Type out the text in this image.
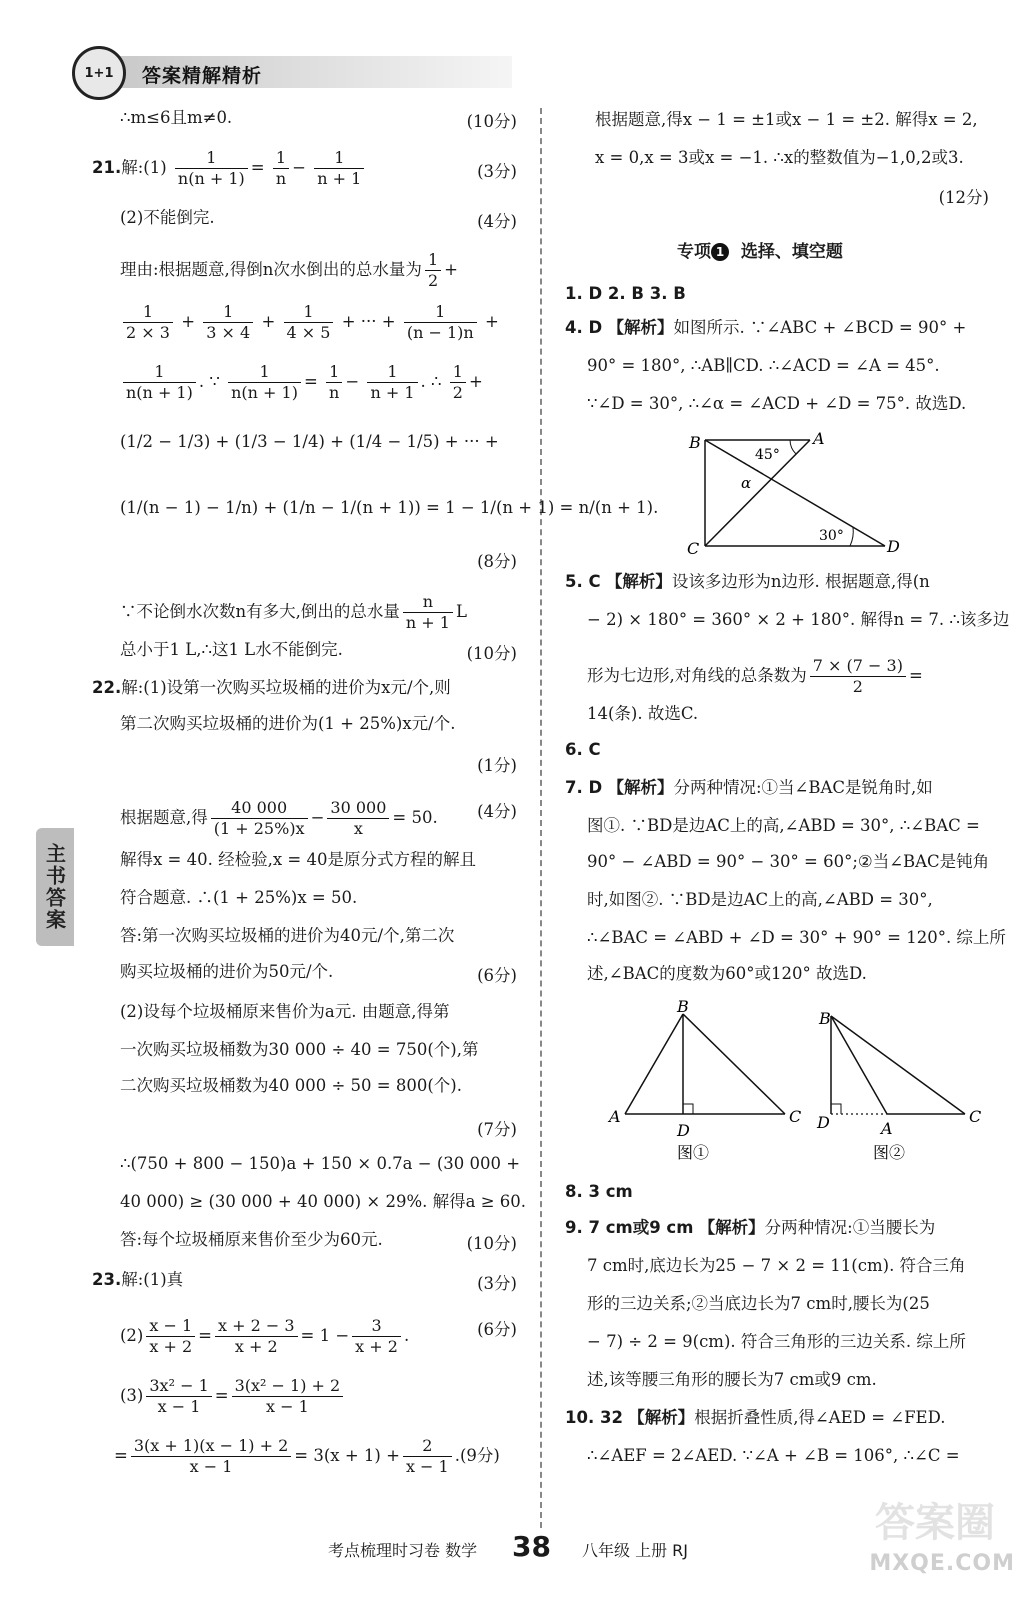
1+1 答案精解精析
主书答案
∴m≤6且m≠0.	(10分)
21.解:(1) $\frac{1}{n(n + 1)} = \frac{1}{n} - \frac{1}{n + 1}$	(3分)
(2)不能倒完.	(4分)
理由:根据题意,得倒n次水倒出的总水量为 $\frac{1}{2}$ +
$\frac{1}{2 \times 3} + \frac{1}{3 \times 4} + \frac{1}{4 \times 5}$ + ··· + $\frac{1}{(n - 1)n}$ +
$\frac{1}{n(n + 1)}$ . ∵ $\frac{1}{n(n + 1)} = \frac{1}{n} - \frac{1}{n + 1}$ . ∴ $\frac{1}{2}$ +
(1/2 − 1/3) + (1/3 − 1/4) + (1/4 − 1/5) + ··· +
(1/(n − 1) − 1/n) + (1/n − 1/(n + 1)) = 1 − 1/(n + 1) = n/(n + 1).
(8分)
∵不论倒水次数n有多大,倒出的总水量 $\frac{n}{n + 1}$ L
总小于1 L,∴这1 L水不能倒完.	(10分)
22.解:(1)设第一次购买垃圾桶的进价为x元/个,则
第二次购买垃圾桶的进价为(1 + 25%)x元/个.
(1分)
根据题意,得 $\frac{40 000}{(1 + 25\%)x} - \frac{30 000}{x} = 50$. (4分)
解得x = 40. 经检验,x = 40是原分式方程的解且
符合题意. ∴(1 + 25%)x = 50.
答:第一次购买垃圾桶的进价为40元/个,第二次
购买垃圾桶的进价为50元/个.	(6分)
(2)设每个垃圾桶原来售价为a元. 由题意,得第
一次购买垃圾桶数为30 000 ÷ 40 = 750(个),第
二次购买垃圾桶数为40 000 ÷ 50 = 800(个).
(7分)
∴(750 + 800 − 150)a + 150 × 0.7a − (30 000 +
40 000) ≥ (30 000 + 40 000) × 29%. 解得a ≥ 60.
答:每个垃圾桶原来售价至少为60元.	(10分)
23.解:(1)真	(3分)
$(2) \frac{x - 1}{x + 2} = \frac{x + 2 - 3}{x + 2} = 1 - \frac{3}{x + 2}$ .	(6分)
$(3) \frac{\text{3x² − 1}}{x - 1} = \frac{\text{3(x² − 1) + 2}}{x - 1}$
= $\frac{3(x + 1)(x - 1) + 2}{x - 1} = 3(x + 1) + \frac{2}{x - 1} .(9$分)
根据题意,得x − 1 = ±1或x − 1 = ±2. 解得x = 2,
x = 0,x = 3或x = −1. ∴x的整数值为−1,0,2或3.
(12分)
专项 1 选择、填空题
1. D 2. B 3. B
4. D 【解析】如图所示. ∵∠ABC + ∠BCD = 90° +
90° = 180°, ∴AB∥CD. ∴∠ACD = ∠A = 45°.
∵∠D = 30°, ∴∠α = ∠ACD + ∠D = 75°. 故选D.
B	A
C	D
45°
α
30°
5. C 【解析】设该多边形为n边形. 根据题意,得(n
− 2) × 180° = 360° × 2 + 180°. 解得n = 7. ∴该多边
形为七边形,对角线的总条数为 $\frac{7 \times (7 - 3)}{2}$ =
14(条). 故选C.
6. C
7. D 【解析】分两种情况:①当∠BAC是锐角时,如
图①. ∵BD是边AC上的高,∠ABD = 30°, ∴∠BAC =
90° − ∠ABD = 90° − 30° = 60°;②当∠BAC是钝角
时,如图②. ∵BD是边AC上的高,∠ABD = 30°,
∴∠BAC = ∠ABD + ∠D = 30° + 90° = 120°. 综上所
述,∠BAC的度数为60°或120° 故选D.
A
B
C
D
图①
B
D	A
C
图②
8. 3 cm
9. 7 cm或9 cm 【解析】分两种情况:①当腰长为
7 cm时,底边长为25 − 7 × 2 = 11(cm). 符合三角
形的三边关系;②当底边长为7 cm时,腰长为(25
− 7) ÷ 2 = 9(cm). 符合三角形的三边关系. 综上所
述,该等腰三角形的腰长为7 cm或9 cm.
10. 32 【解析】根据折叠性质,得∠AED = ∠FED.
∴∠AEF = 2∠AED. ∵∠A + ∠B = 106°, ∴∠C =
考点梳理时习卷 数学 38 八年级 上册 RJ
答案圈
MXQE.COM
